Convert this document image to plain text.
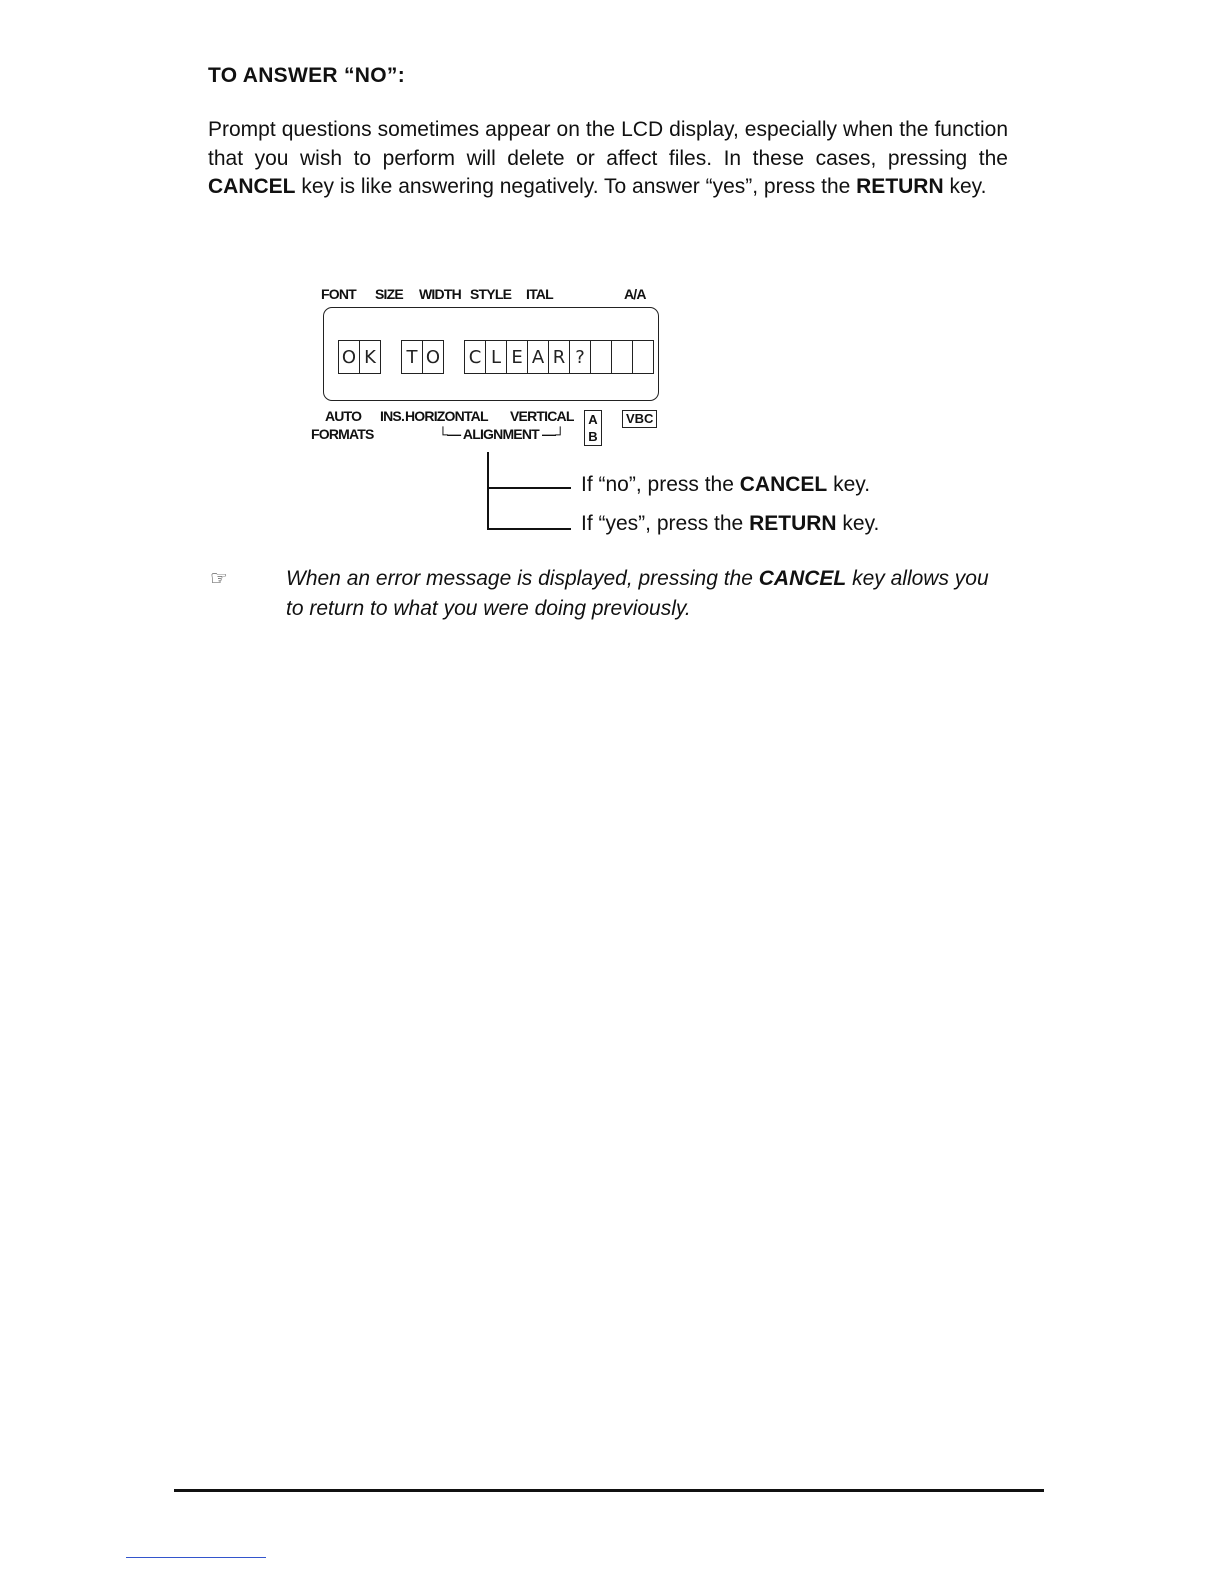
TO ANSWER “NO”:
Prompt questions sometimes appear on the LCD display, especially when the function that you wish to perform will delete or affect files. In these cases, pressing the CANCEL key is like answering negatively. To answer “yes”, press the RETURN key.
FONT SIZE WIDTH STYLE ITAL	A/A
O K	T O C L E A R ?
AUTO
FORMATS
INS. HORIZONTAL VERTICAL
└— ALIGNMENT —┘
A
B
VBC
If “no”, press the CANCEL key.
If “yes”, press the RETURN key.
☞	When an error message is displayed, pressing the CANCEL key allows you to return to what you were doing previously.
